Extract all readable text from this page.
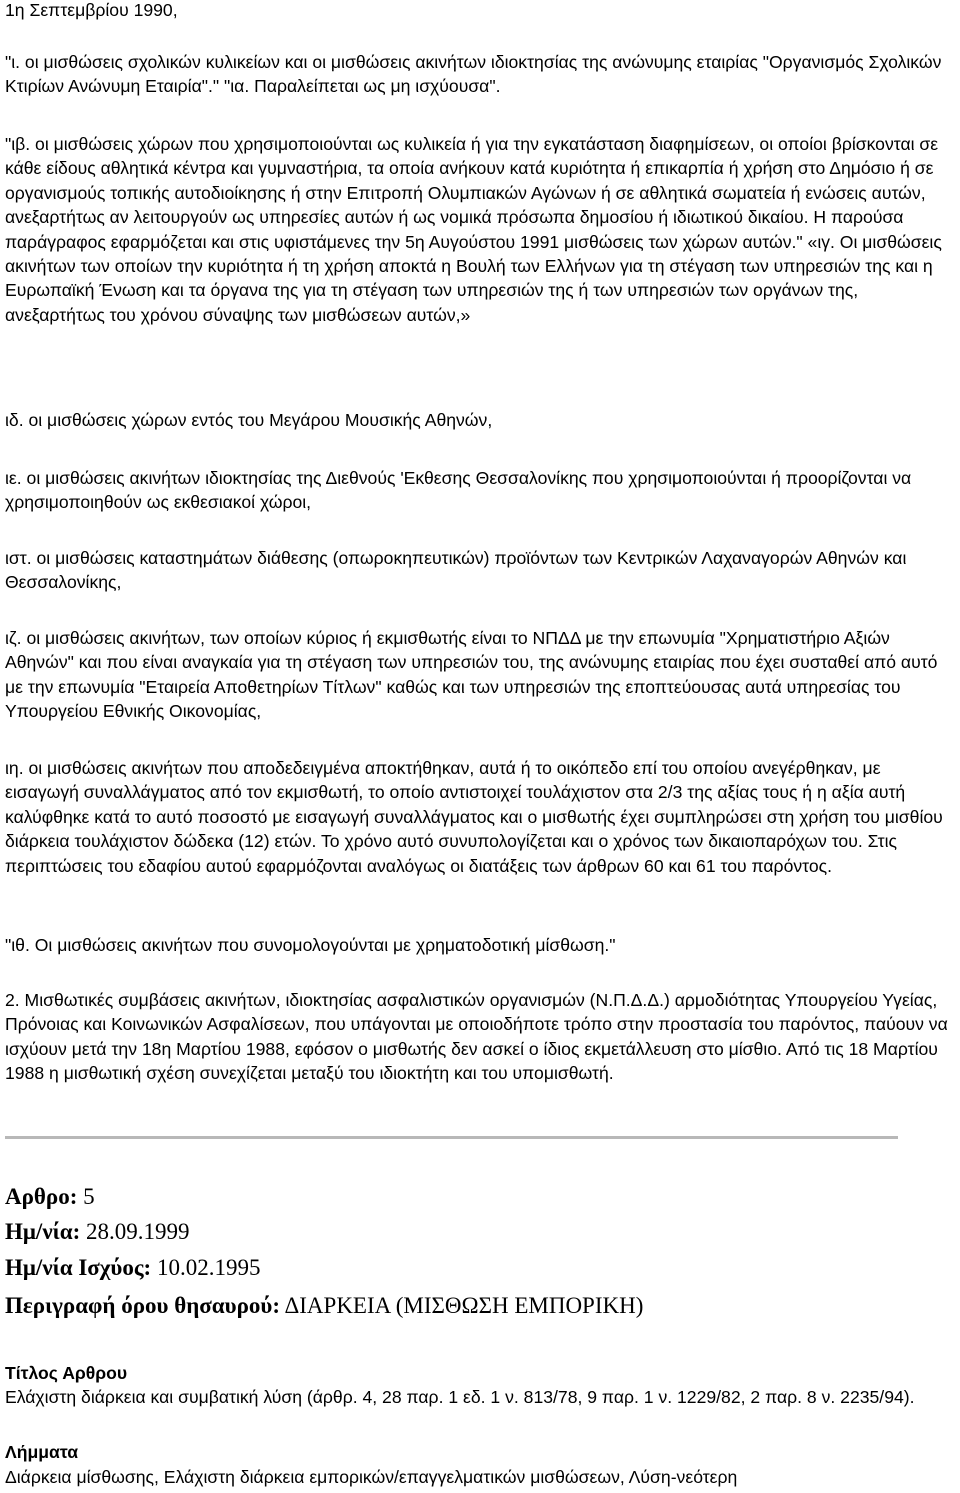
1η Σεπτεμβρίου 1990,

"ι. οι μισθώσεις σχολικών κυλικείων και οι μισθώσεις ακινήτων ιδιοκτησίας της ανώνυμης εταιρίας "Οργανισμός Σχολικών Κτιρίων Ανώνυμη Εταιρία"." "ια. Παραλείπεται ως μη ισχύουσα".

"ιβ. οι μισθώσεις χώρων που χρησιμοποιούνται ως κυλικεία ή για την εγκατάσταση διαφημίσεων, οι οποίοι βρίσκονται σε κάθε είδους αθλητικά κέντρα και γυμναστήρια, τα οποία ανήκουν κατά κυριότητα ή επικαρπία ή χρήση στο Δημόσιο ή σε οργανισμούς τοπικής αυτοδιοίκησης ή στην Επιτροπή Ολυμπιακών Αγώνων ή σε αθλητικά σωματεία ή ενώσεις αυτών, ανεξαρτήτως αν λειτουργούν ως υπηρεσίες αυτών ή ως νομικά πρόσωπα δημοσίου ή ιδιωτικού δικαίου. Η παρούσα παράγραφος εφαρμόζεται και στις υφιστάμενες την 5η Αυγούστου 1991 μισθώσεις των χώρων αυτών." «ιγ. Οι μισθώσεις ακινήτων των οποίων την κυριότητα ή τη χρήση αποκτά η Βουλή των Ελλήνων για τη στέγαση των υπηρεσιών της και η Ευρωπαϊκή Ένωση και τα όργανα της για τη στέγαση των υπηρεσιών της ή των υπηρεσιών των οργάνων της, ανεξαρτήτως του χρόνου σύναψης των μισθώσεων αυτών,»

ιδ. οι μισθώσεις χώρων εντός του Μεγάρου Μουσικής Αθηνών,

ιε. οι μισθώσεις ακινήτων ιδιοκτησίας της Διεθνούς 'Εκθεσης Θεσσαλονίκης που χρησιμοποιούνται ή προορίζονται να χρησιμοποιηθούν ως εκθεσιακοί χώροι,

ιστ. οι μισθώσεις καταστημάτων διάθεσης (οπωροκηπευτικών) προϊόντων των Κεντρικών Λαχαναγορών Αθηνών και Θεσσαλονίκης,

ιζ. οι μισθώσεις ακινήτων, των οποίων κύριος ή εκμισθωτής είναι το ΝΠΔΔ με την επωνυμία "Χρηματιστήριο Αξιών Αθηνών" και που είναι αναγκαία για τη στέγαση των υπηρεσιών του, της ανώνυμης εταιρίας που έχει συσταθεί από αυτό με την επωνυμία "Εταιρεία Αποθετηρίων Τίτλων" καθώς και των υπηρεσιών της εποπτεύουσας αυτά υπηρεσίας του Υπουργείου Εθνικής Οικονομίας,

ιη. οι μισθώσεις ακινήτων που αποδεδειγμένα αποκτήθηκαν, αυτά ή το οικόπεδο επί του οποίου ανεγέρθηκαν, με εισαγωγή συναλλάγματος από τον εκμισθωτή, το οποίο αντιστοιχεί τουλάχιστον στα 2/3 της αξίας τους ή η αξία αυτή καλύφθηκε κατά το αυτό ποσοστό με εισαγωγή συναλλάγματος και ο μισθωτής έχει συμπληρώσει στη χρήση του μισθίου διάρκεια τουλάχιστον δώδεκα (12) ετών. Το χρόνο αυτό συνυπολογίζεται και ο χρόνος των δικαιοπαρόχων του. Στις περιπτώσεις του εδαφίου αυτού εφαρμόζονται αναλόγως οι διατάξεις των άρθρων 60 και 61 του παρόντος.

"ιθ. Οι μισθώσεις ακινήτων που συνομολογούνται με χρηματοδοτική μίσθωση."

2. Μισθωτικές συμβάσεις ακινήτων, ιδιοκτησίας ασφαλιστικών οργανισμών (Ν.Π.Δ.Δ.) αρμοδιότητας Υπουργείου Υγείας, Πρόνοιας και Κοινωνικών Ασφαλίσεων, που υπάγονται με οποιοδήποτε τρόπο στην προστασία του παρόντος, παύουν να ισχύουν μετά την 18η Μαρτίου 1988, εφόσον ο μισθωτής δεν ασκεί ο ίδιος εκμετάλλευση στο μίσθιο. Από τις 18 Μαρτίου 1988 η μισθωτική σχέση συνεχίζεται μεταξύ του ιδιοκτήτη και του υπομισθωτή.

Αρθρο: 5
Ημ/νία: 28.09.1999
Ημ/νία Ισχύος: 10.02.1995
Περιγραφή όρου θησαυρού: ΔΙΑΡΚΕΙΑ (ΜΙΣΘΩΣΗ ΕΜΠΟΡΙΚΗ)
Τίτλος Αρθρου
Ελάχιστη διάρκεια και συμβατική λύση (άρθρ. 4, 28 παρ. 1 εδ. 1 ν. 813/78, 9 παρ. 1 ν. 1229/82, 2 παρ. 8 ν. 2235/94).
Λήμματα
Διάρκεια μίσθωσης, Ελάχιστη διάρκεια εμπορικών/επαγγελματικών μισθώσεων, Λύση-νεότερη
